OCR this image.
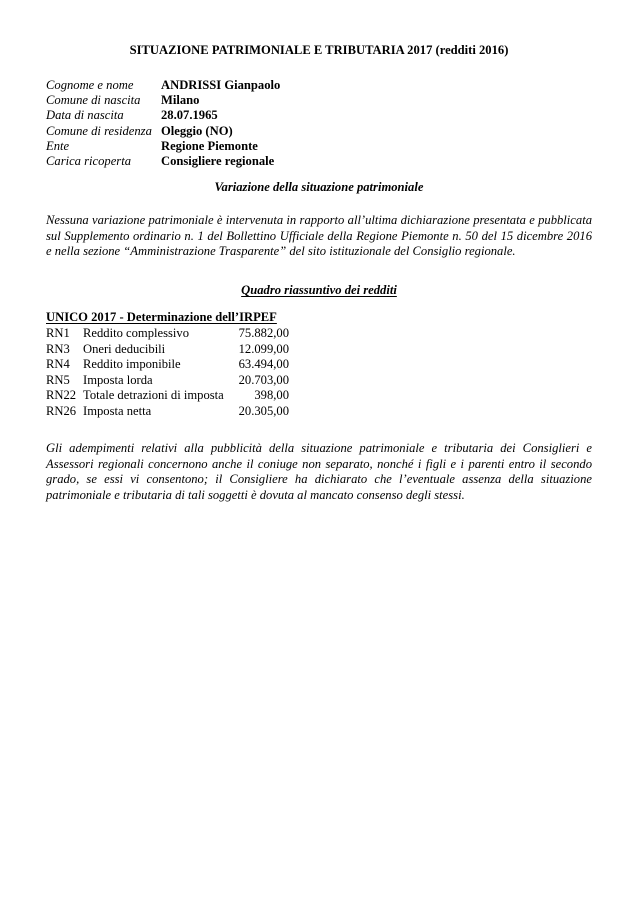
SITUAZIONE PATRIMONIALE E TRIBUTARIA 2017 (redditi 2016)
Cognome e nome	ANDRISSI Gianpaolo
Comune di nascita	Milano
Data di nascita	28.07.1965
Comune di residenza	Oleggio (NO)
Ente	Regione Piemonte
Carica ricoperta	Consigliere regionale
Variazione della situazione patrimoniale

Nessuna variazione patrimoniale è intervenuta in rapporto all’ultima dichiarazione presentata e pubblicata sul Supplemento ordinario n. 1 del Bollettino Ufficiale della Regione Piemonte n. 50 del 15 dicembre 2016 e nella sezione “Amministrazione Trasparente” del sito istituzionale del Consiglio regionale.

Quadro riassuntivo dei redditi
UNICO 2017 - Determinazione dell’IRPEF
RN1	Reddito complessivo	75.882,00
RN3	Oneri deducibili	12.099,00
RN4	Reddito imponibile	63.494,00
RN5	Imposta lorda	20.703,00
RN22	Totale detrazioni di imposta	398,00
RN26	Imposta netta	20.305,00

Gli adempimenti relativi alla pubblicità della situazione patrimoniale e tributaria dei Consiglieri e Assessori regionali concernono anche il coniuge non separato, nonché i figli e i parenti entro il secondo grado, se essi vi consentono; il Consigliere ha dichiarato che l’eventuale assenza della situazione patrimoniale e tributaria di tali soggetti è dovuta al mancato consenso degli stessi.
